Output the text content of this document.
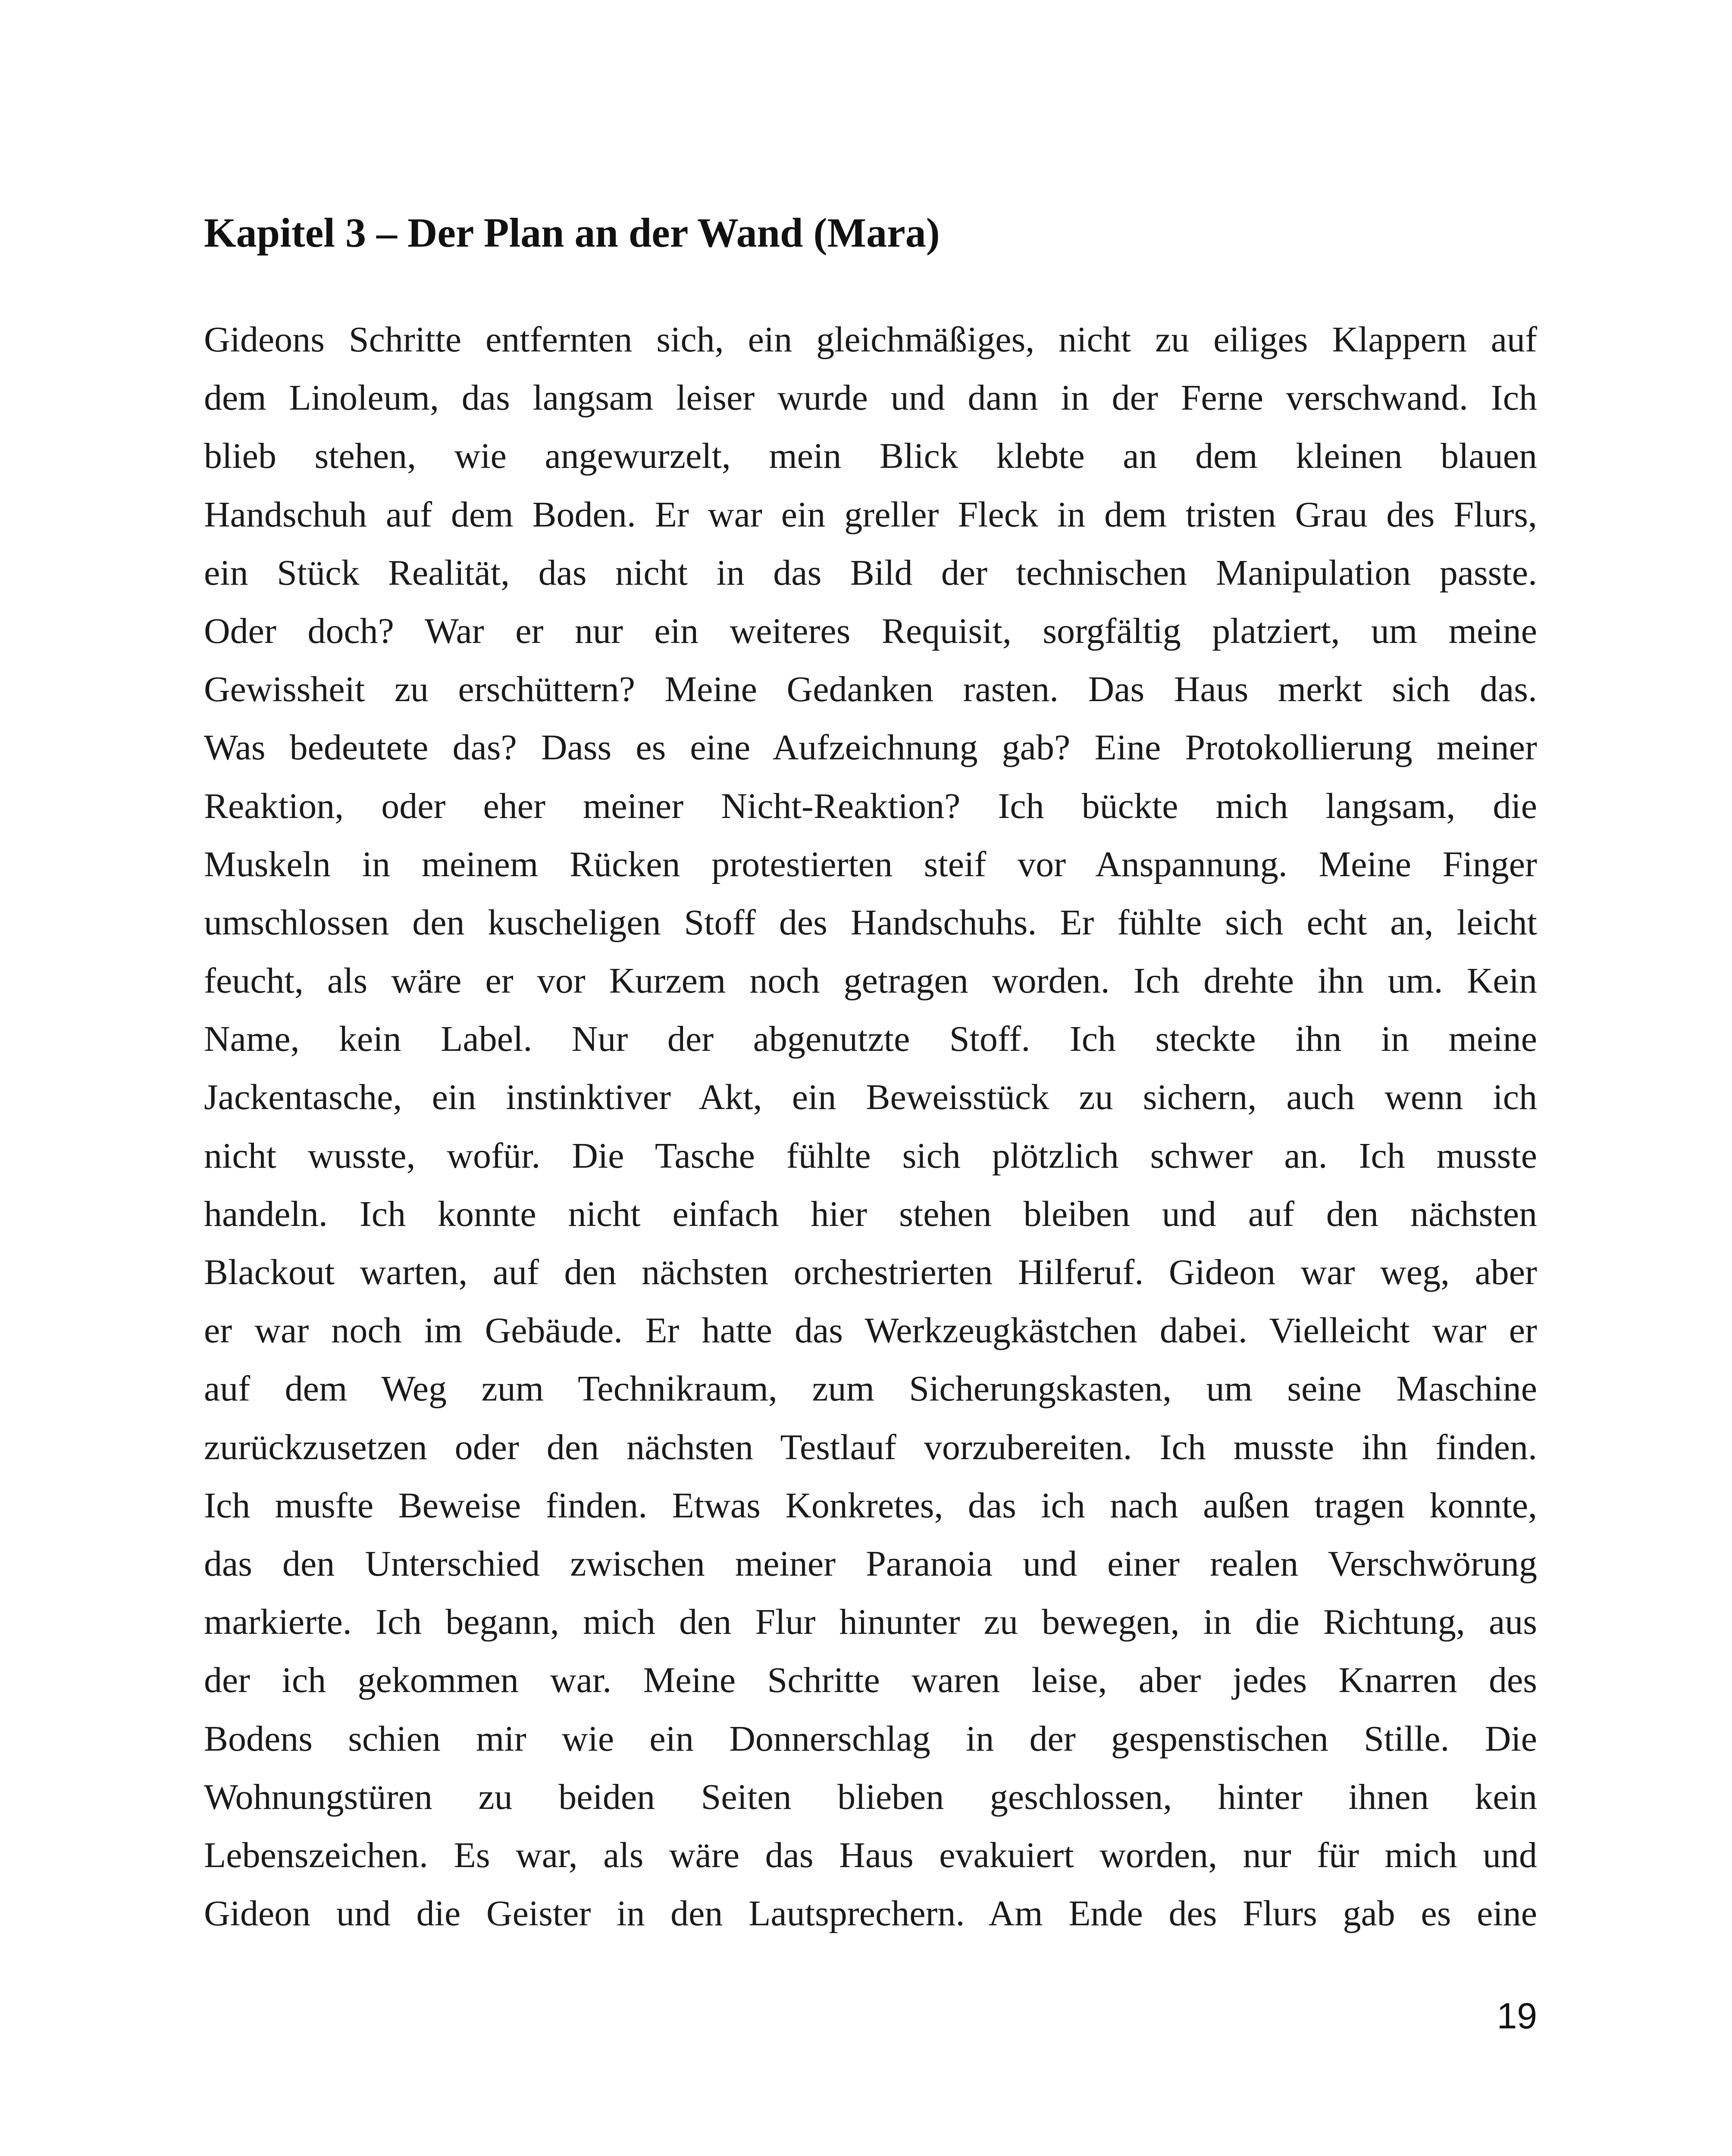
Kapitel 3 – Der Plan an der Wand (Mara)
Gideons Schritte entfernten sich, ein gleichmäßiges, nicht zu eiliges Klappern auf
dem Linoleum, das langsam leiser wurde und dann in der Ferne verschwand. Ich
blieb stehen, wie angewurzelt, mein Blick klebte an dem kleinen blauen
Handschuh auf dem Boden. Er war ein greller Fleck in dem tristen Grau des Flurs,
ein Stück Realität, das nicht in das Bild der technischen Manipulation passte.
Oder doch? War er nur ein weiteres Requisit, sorgfältig platziert, um meine
Gewissheit zu erschüttern? Meine Gedanken rasten. Das Haus merkt sich das.
Was bedeutete das? Dass es eine Aufzeichnung gab? Eine Protokollierung meiner
Reaktion, oder eher meiner Nicht-Reaktion? Ich bückte mich langsam, die
Muskeln in meinem Rücken protestierten steif vor Anspannung. Meine Finger
umschlossen den kuscheligen Stoff des Handschuhs. Er fühlte sich echt an, leicht
feucht, als wäre er vor Kurzem noch getragen worden. Ich drehte ihn um. Kein
Name, kein Label. Nur der abgenutzte Stoff. Ich steckte ihn in meine
Jackentasche, ein instinktiver Akt, ein Beweisstück zu sichern, auch wenn ich
nicht wusste, wofür. Die Tasche fühlte sich plötzlich schwer an. Ich musste
handeln. Ich konnte nicht einfach hier stehen bleiben und auf den nächsten
Blackout warten, auf den nächsten orchestrierten Hilferuf. Gideon war weg, aber
er war noch im Gebäude. Er hatte das Werkzeugkästchen dabei. Vielleicht war er
auf dem Weg zum Technikraum, zum Sicherungskasten, um seine Maschine
zurückzusetzen oder den nächsten Testlauf vorzubereiten. Ich musste ihn finden.
Ich musfte Beweise finden. Etwas Konkretes, das ich nach außen tragen konnte,
das den Unterschied zwischen meiner Paranoia und einer realen Verschwörung
markierte. Ich begann, mich den Flur hinunter zu bewegen, in die Richtung, aus
der ich gekommen war. Meine Schritte waren leise, aber jedes Knarren des
Bodens schien mir wie ein Donnerschlag in der gespenstischen Stille. Die
Wohnungstüren zu beiden Seiten blieben geschlossen, hinter ihnen kein
Lebenszeichen. Es war, als wäre das Haus evakuiert worden, nur für mich und
Gideon und die Geister in den Lautsprechern. Am Ende des Flurs gab es eine

19
